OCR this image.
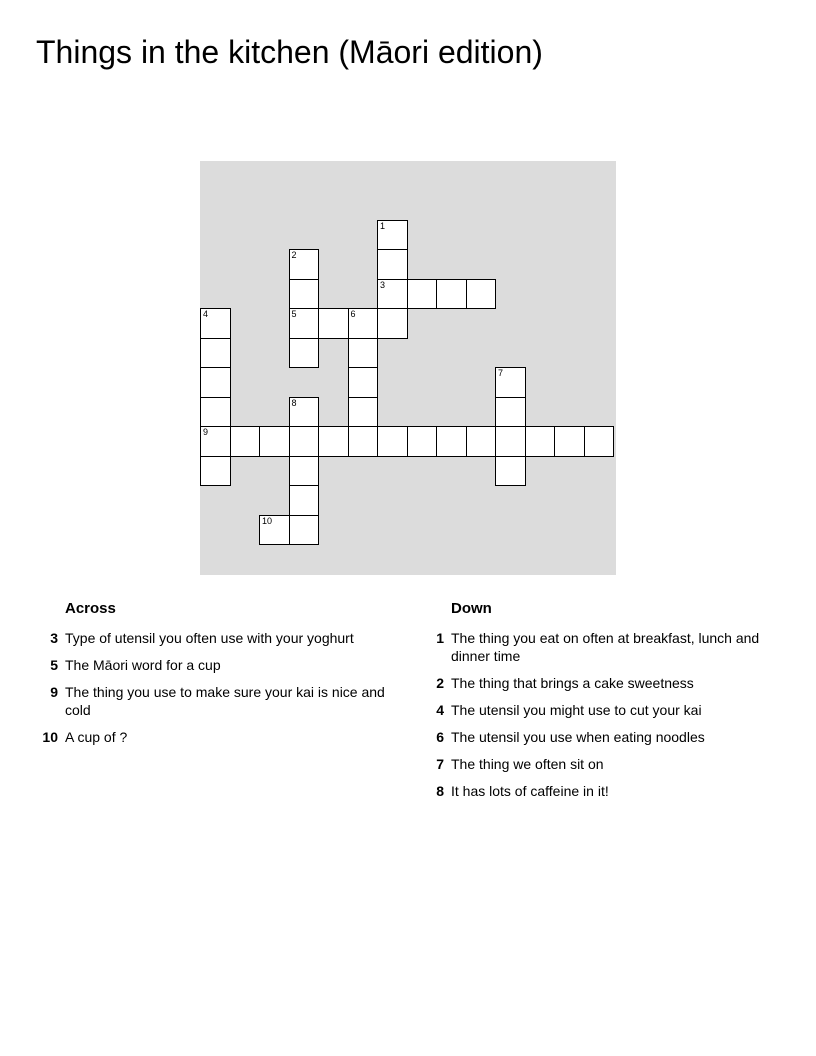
Things in the kitchen (Māori edition)
1
2
3
4	5	6
7
8
9
10
Across
3 Type of utensil you often use with your yoghurt
5 The Māori word for a cup
9 The thing you use to make sure your kai is nice and cold
10 A cup of ?
Down
1 The thing you eat on often at breakfast, lunch and dinner time
2 The thing that brings a cake sweetness
4 The utensil you might use to cut your kai
6 The utensil you use when eating noodles
7 The thing we often sit on
8 It has lots of caffeine in it!
